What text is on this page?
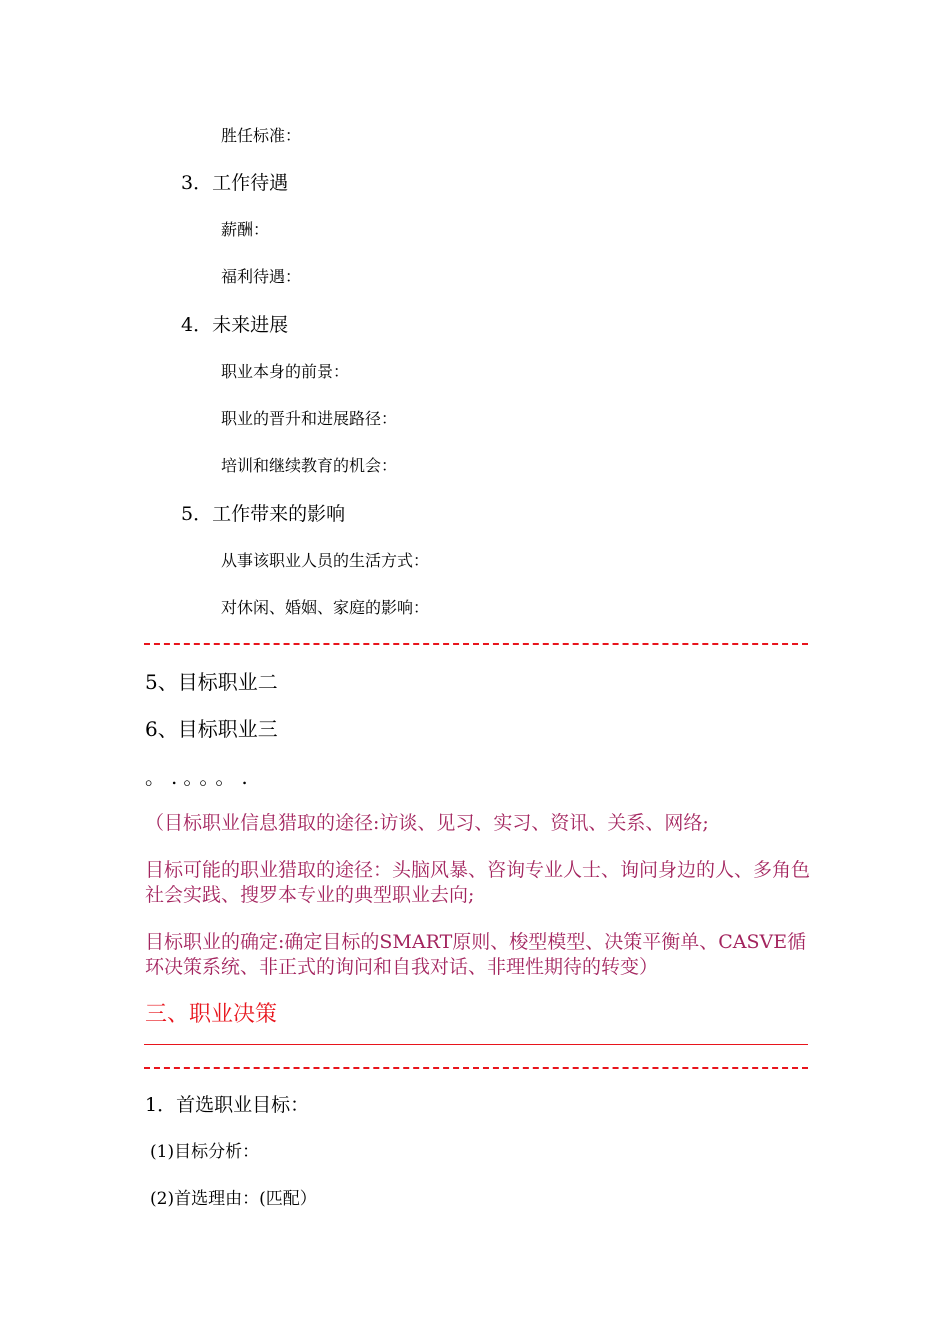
胜任标准：
3．工作待遇
薪酬：
福利待遇：
4．未来进展
职业本身的前景：
职业的晋升和进展路径：
培训和继续教育的机会：
5．工作带来的影响
从事该职业人员的生活方式：
对休闲、婚姻、家庭的影响：
5、目标职业二
6、目标职业三
。.。。。.
（目标职业信息猎取的途径:访谈、见习、实习、资讯、关系、网络;
目标可能的职业猎取的途径：头脑风暴、咨询专业人士、询问身边的人、多角色社会实践、搜罗本专业的典型职业去向;
目标职业的确定:确定目标的SMART原则、梭型模型、决策平衡单、CASVE循环决策系统、非正式的询问和自我对话、非理性期待的转变）
三、职业决策
1．首选职业目标：
(1)目标分析：
(2)首选理由：(匹配）
